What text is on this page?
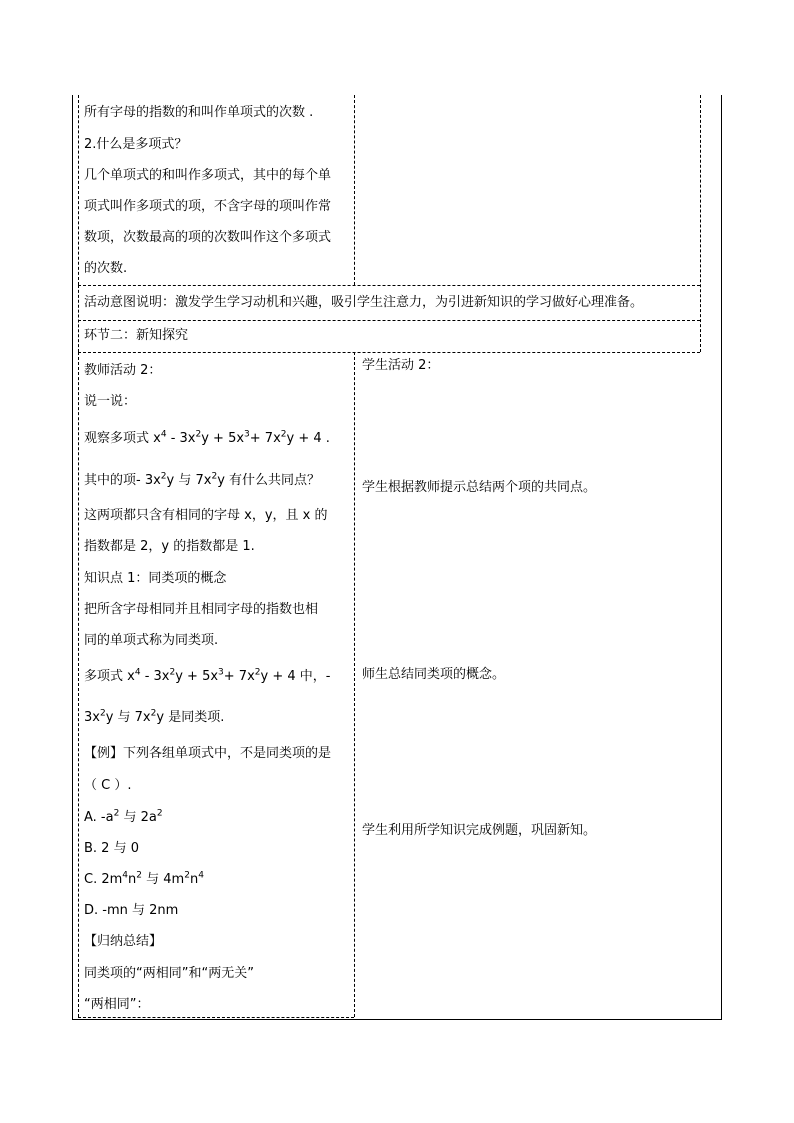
所有字母的指数的和叫作单项式的次数 .
2.什么是多项式？
几个单项式的和叫作多项式，其中的每个单
项式叫作多项式的项，不含字母的项叫作常
数项，次数最高的项的次数叫作这个多项式
的次数.
活动意图说明：激发学生学习动机和兴趣，吸引学生注意力，为引进新知识的学习做好心理准备。
环节二：新知探究
教师活动 2：
说一说：
观察多项式 $x^4 - 3x^2y + 5x^3+ 7x^2y + 4$ .
其中的项- $3x^2y$ 与 $7x^2y$ 有什么共同点？
这两项都只含有相同的字母 x，y，且 x 的
指数都是 2，y 的指数都是 1.
知识点 1：同类项的概念
把所含字母相同并且相同字母的指数也相
同的单项式称为同类项.
多项式 $x^4 - 3x^2y + 5x^3+ 7x^2y + 4$ 中，-
$3x^2y$ 与 $7x^2y$ 是同类项.
【例】下列各组单项式中，不是同类项的是
（ C ）.
A. $-a^2$ 与 $2a^2$
B. 2 与 0
C. $2m^4n^2$ 与 $4m^2n^4$
D. -mn 与 2nm
【归纳总结】
同类项的“两相同”和“两无关”
“两相同”：
学生活动 2：
学生根据教师提示总结两个项的共同点。
师生总结同类项的概念。
学生利用所学知识完成例题，巩固新知。
